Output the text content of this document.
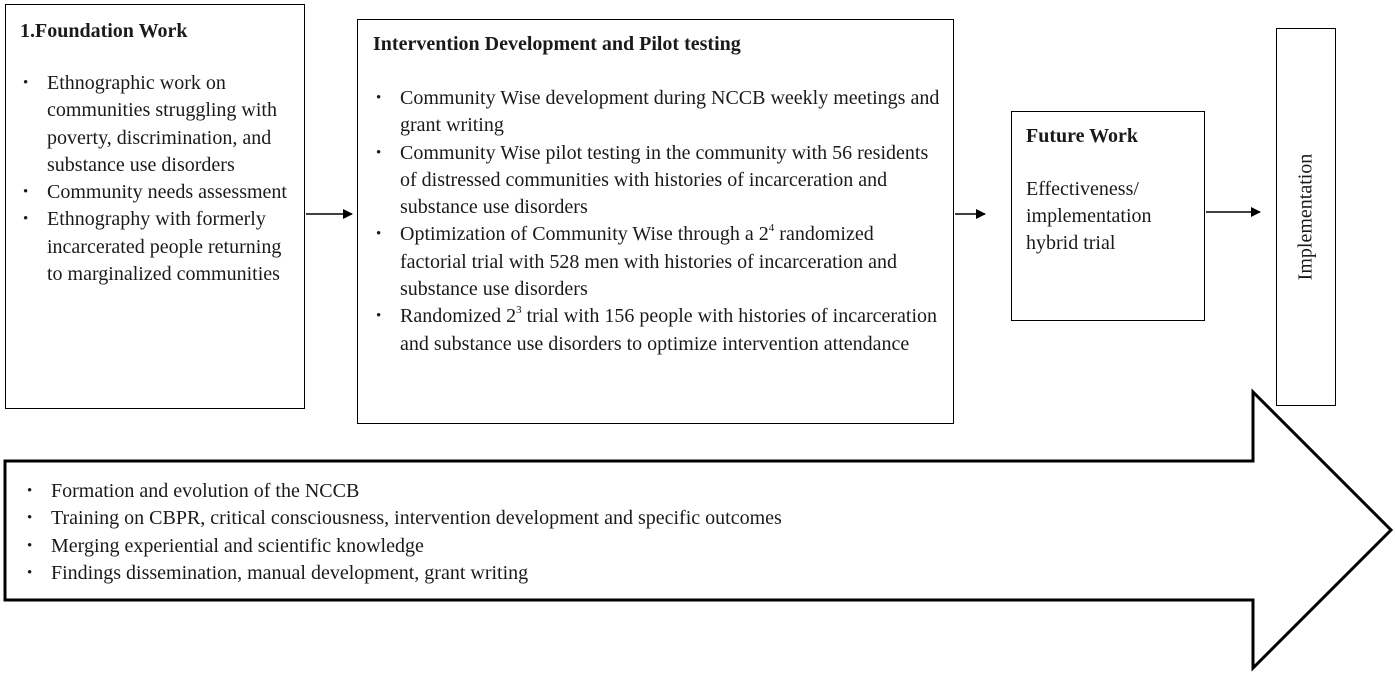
1.Foundation Work
• Ethnographic work on communities struggling with poverty, discrimination, and substance use disorders
• Community needs assessment
• Ethnography with formerly incarcerated people returning to marginalized communities
Intervention Development and Pilot testing
• Community Wise development during NCCB weekly meetings and grant writing
• Community Wise pilot testing in the community with 56 residents of distressed communities with histories of incarceration and substance use disorders
• Optimization of Community Wise through a $2^4$ randomized factorial trial with 528 men with histories of incarceration and substance use disorders
• Randomized $2^3$ trial with 156 people with histories of incarceration and substance use disorders to optimize intervention attendance
Future Work
Effectiveness/ implementation hybrid trial	Implementation
• Formation and evolution of the NCCB
• Training on CBPR, critical consciousness, intervention development and specific outcomes
• Merging experiential and scientific knowledge
• Findings dissemination, manual development, grant writing
